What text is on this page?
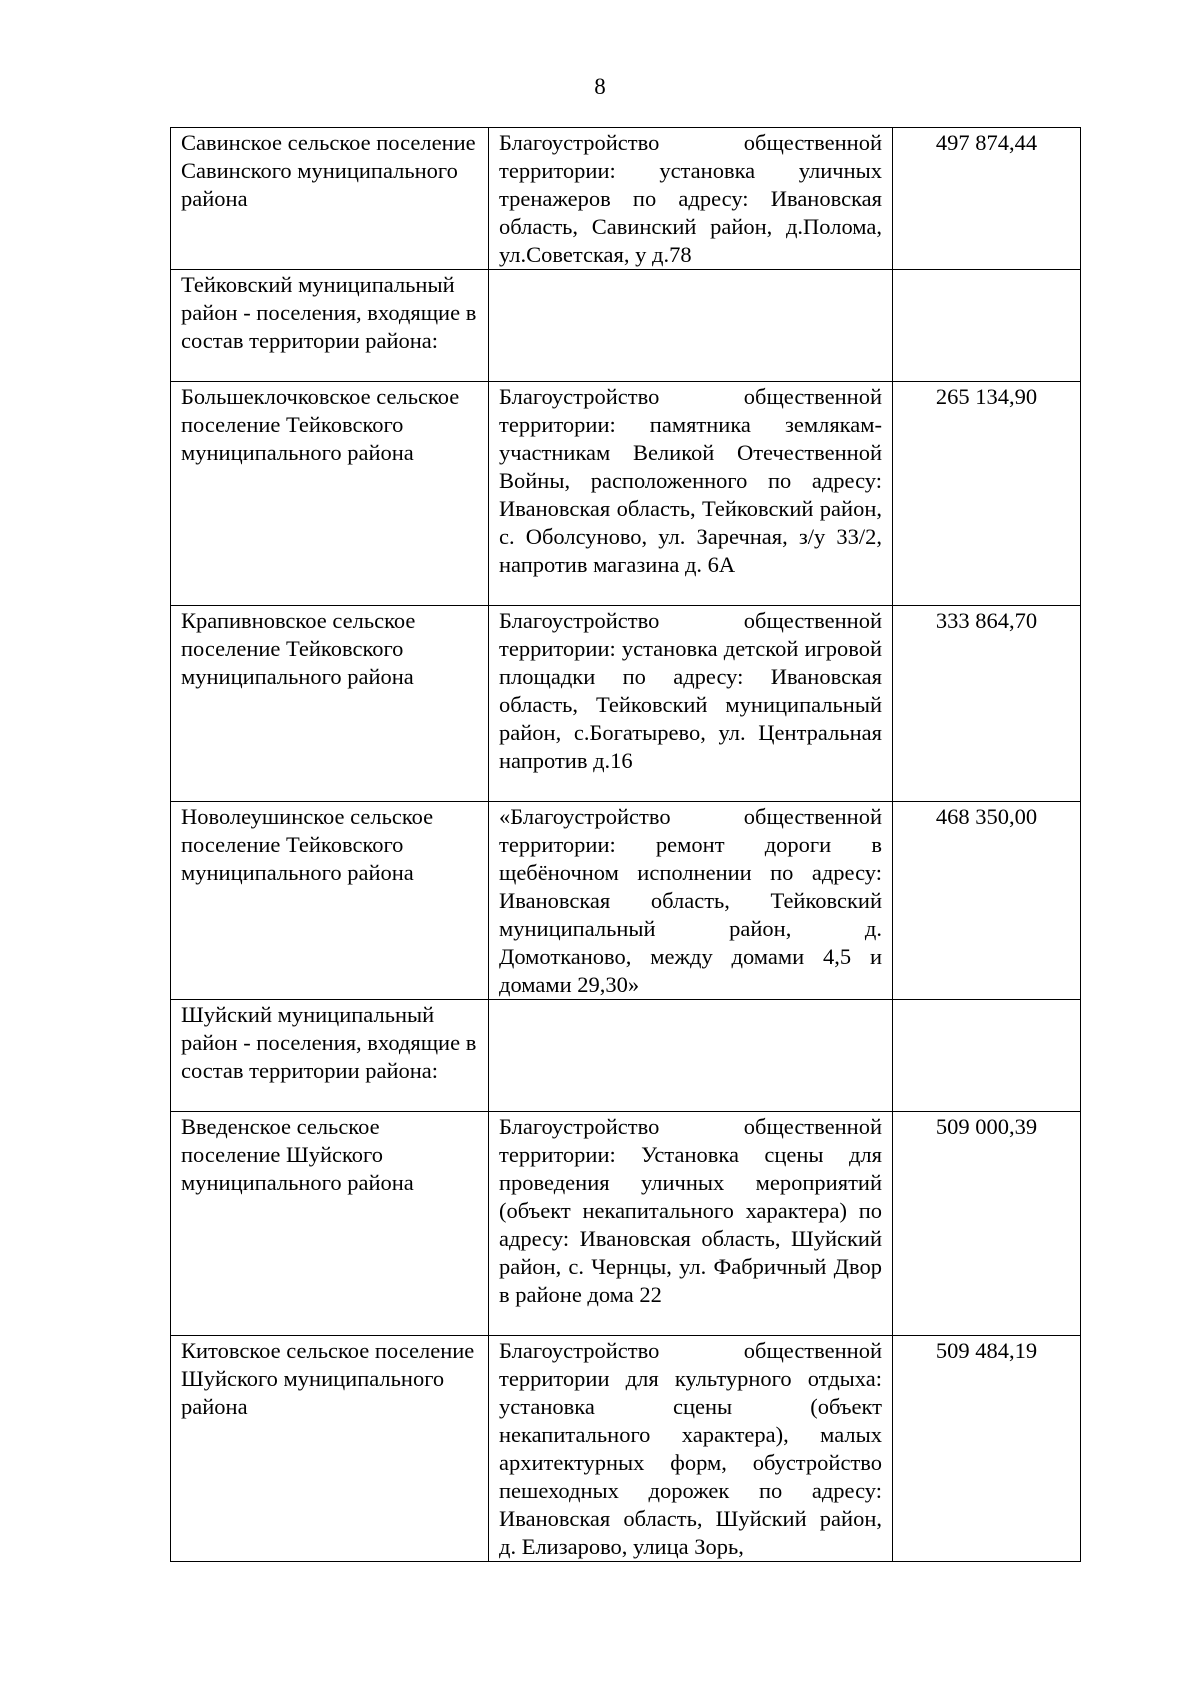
8
Савинское сельское поселение Савинского муниципального района	Благоустройство общественной территории: установка уличных тренажеров по адресу: Ивановская область, Савинский район, д.Полома, ул.Советская, у д.78	497 874,44
Тейковский муниципальный район - поселения, входящие в состав территории района:		
Большеклочковское сельское поселение Тейковского муниципального района	Благоустройство общественной территории: памятника землякам-участникам Великой Отечественной Войны, расположенного по адресу: Ивановская область, Тейковский район, с. Оболсуново, ул. Заречная, з/у 33/2, напротив магазина д. 6А	265 134,90
Крапивновское сельское поселение Тейковского муниципального района	Благоустройство общественной территории: установка детской игровой площадки по адресу: Ивановская область, Тейковский муниципальный район, с.Богатырево, ул. Центральная напротив д.16	333 864,70
Новолеушинское сельское поселение Тейковского муниципального района	«Благоустройство общественной территории: ремонт дороги в щебёночном исполнении по адресу: Ивановская область, Тейковский муниципальный район, д. Домотканово, между домами 4,5 и домами 29,30»	468 350,00
Шуйский муниципальный район - поселения, входящие в состав территории района:		
Введенское сельское поселение Шуйского муниципального района	Благоустройство общественной территории: Установка сцены для проведения уличных мероприятий (объект некапитального характера) по адресу: Ивановская область, Шуйский район, с. Чернцы, ул. Фабричный Двор в районе дома 22	509 000,39
Китовское сельское поселение Шуйского муниципального района	Благоустройство общественной территории для культурного отдыха: установка сцены (объект некапитального характера), малых архитектурных форм, обустройство пешеходных дорожек по адресу: Ивановская область, Шуйский район, д. Елизарово, улица Зорь,	509 484,19
